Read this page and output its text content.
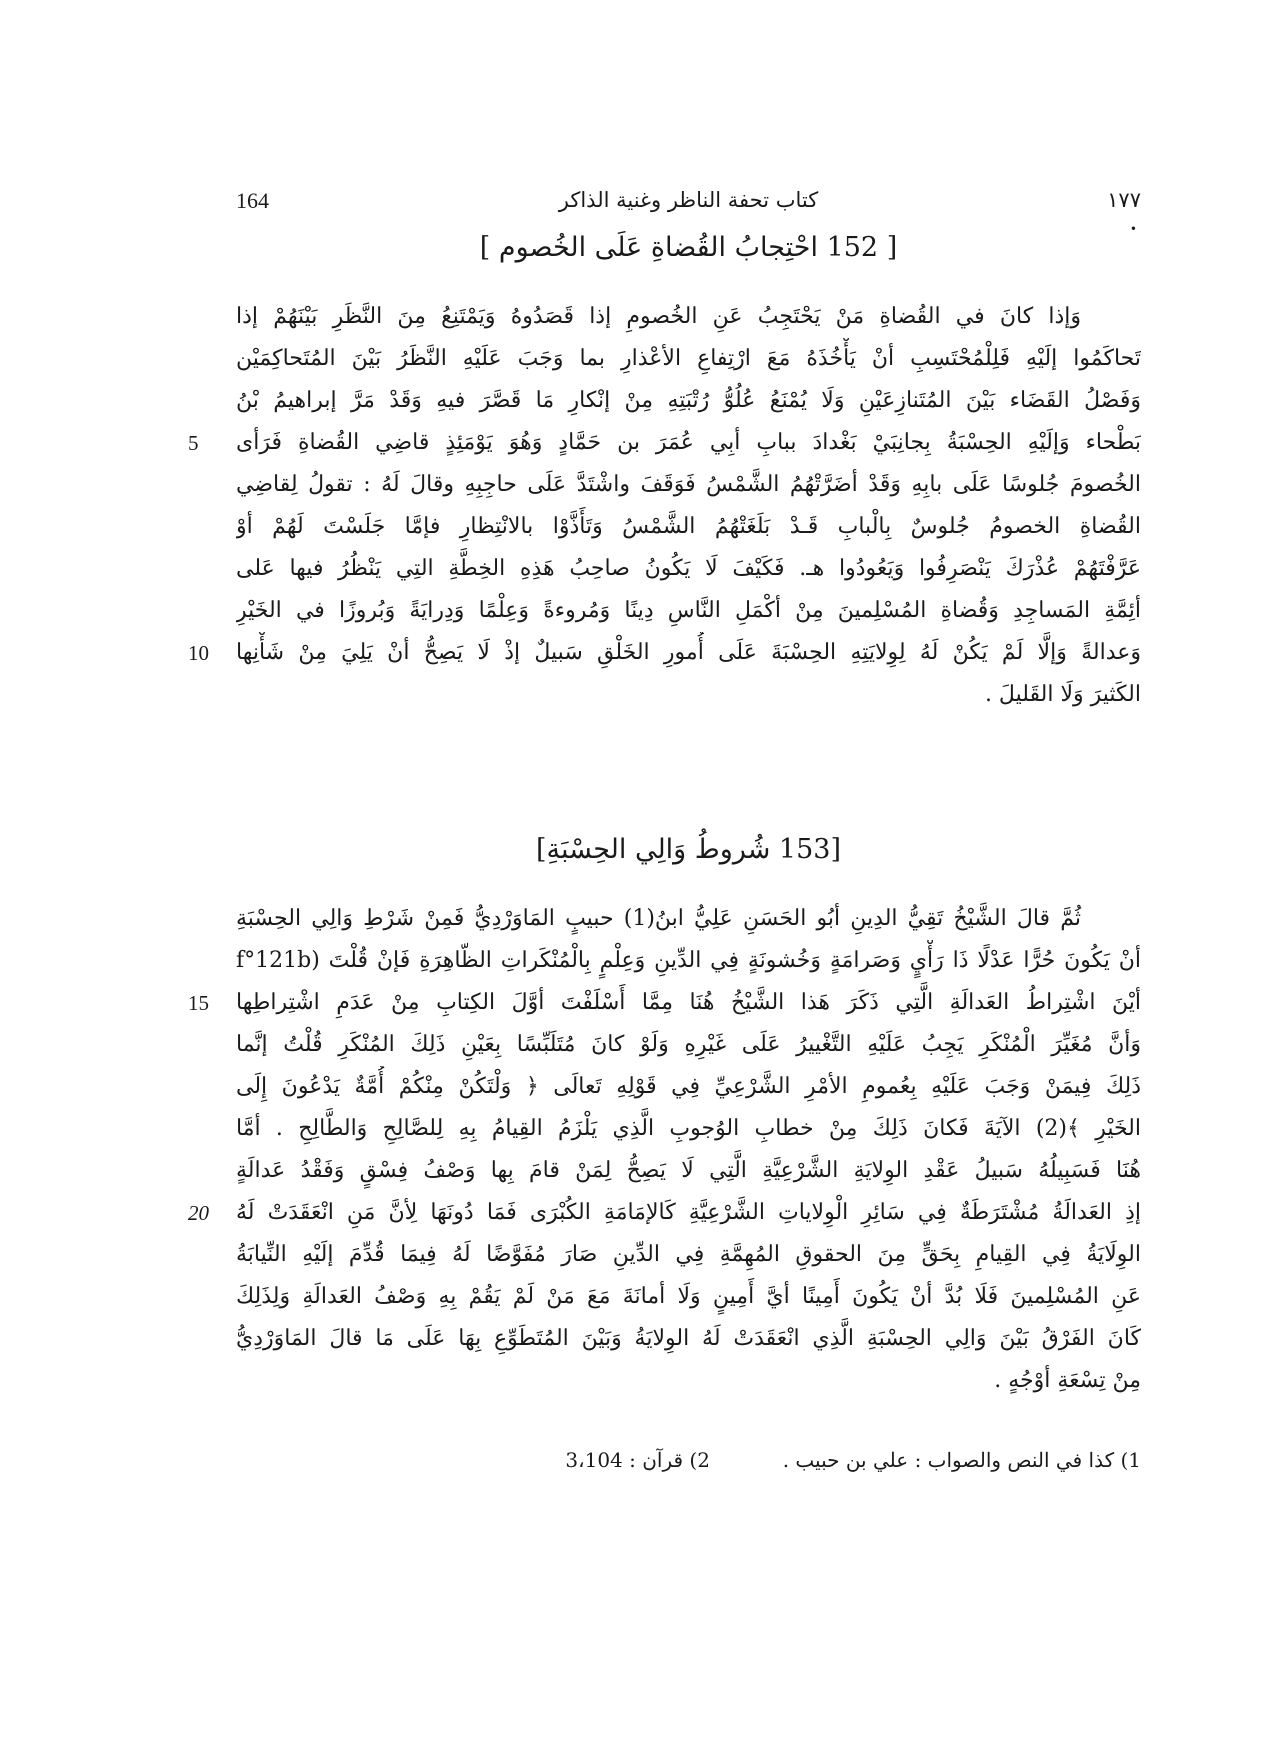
164	كتاب تحفة الناظر وغنية الذاكر	١٧٧
•
[ 152 احْتِجابُ القُضاةِ عَلَى الخُصوم ]
وَإذا كانَ في القُضاةِ مَنْ يَحْتَجِبُ عَنِ الخُصومِ إذا قَصَدُوهُ وَيَمْتَنِعُ مِنَ النَّظَرِ بَيْنَهُمْ إذا
تَحاكَمُوا إلَيْهِ فَلِلْمُحْتَسِبِ أنْ يَأْخُذَهُ مَعَ ارْتِفاعِ الأعْذارِ بما وَجَبَ عَلَيْهِ النَّظَرُ بَيْنَ المُتَحاكِمَيْن
وَفَصْلُ القَضَاء بَيْنَ المُتَنازِعَيْنِ وَلَا يُمْنَعُ عُلُوُّ رُتْبَتِهِ مِنْ إنْكارِ مَا قَصَّرَ فيهِ وَقَدْ مَرَّ إبراهيمُ بْنُ
بَطْحاء وَإلَيْهِ الحِسْبَةُ بِجانِبَيْ بَغْدادَ ببابِ أبِي عُمَرَ بن حَمَّادٍ وَهُوَ يَوْمَئِذٍ قاضِي القُضاةِ فَرَأى
الخُصومَ جُلوسًا عَلَى بابِهِ وَقَدْ أضَرَّتْهُمُ الشَّمْسُ فَوَقَفَ واشْتَدَّ عَلَى حاجِبِهِ وقالَ لَهُ : تقولُ لِقاضِي
القُضاةِ الخصومُ جُلوسٌ بِالْبابِ قَـدْ بَلَغَتْهُمُ الشَّمْسُ وَتَأَذَّوْا بالانْتِظارِ فإمَّا جَلَسْتَ لَهُمْ أوْ
عَرَّفْتَهُمْ عُذْرَكَ يَنْصَرِفُوا وَيَعُودُوا هـ. فَكَيْفَ لَا يَكُونُ صاحِبُ هَذِهِ الخِطَّةِ التِي يَنْظُرُ فيها عَلى
أئِمَّةِ المَساجِدِ وَقُضاةِ المُسْلِمينَ مِنْ أكْمَلِ النَّاسِ دِينًا وَمُروءةً وَعِلْمًا وَدِرايَةً وَبُروزًا في الخَيْرِ
وَعدالةً وَإلَّا لَمْ يَكُنْ لَهُ لِوِلايَتِهِ الحِسْبَةَ عَلَى أُمورِ الخَلْقِ سَبيلٌ إذْ لَا يَصِحُّ أنْ يَلِيَ مِنْ شَأْنِها
الكَثيرَ وَلَا القَليلَ .
5
10
[153 شُروطُ وَالِي الحِسْبَةِ]
ثُمَّ قالَ الشَّيْخُ تَقِيُّ الدِينِ أبُو الحَسَنِ عَلِيُّ ابنُ(1) حبيبٍ المَاوَرْدِيُّ فَمِنْ شَرْطِ وَالِي الحِسْبَةِ
أنْ يَكُونَ حُرًّا عَدْلًا ذَا رَأْيٍ وَصَرامَةٍ وَخُشونَةٍ فِي الدِّينِ وَعِلْمٍ بِالْمُنْكَراتِ الظّاهِرَةِ فَإنْ قُلْتَ (f°121b
أيْنَ اشْتِراطُ العَدالَةِ الَّتِي ذَكَرَ هَذا الشَّيْخُ هُنَا مِمَّا أَسْلَفْتَ أوَّلَ الكِتابِ مِنْ عَدَمِ اشْتِراطِها
وَأنَّ مُغَيِّرَ الْمُنْكَرِ يَجِبُ عَلَيْهِ التَّغْييرُ عَلَى غَيْرِهِ وَلَوْ كانَ مُتَلَبِّسًا بِعَيْنِ ذَلِكَ المُنْكَرِ قُلْتُ إنَّما
ذَلِكَ فِيمَنْ وَجَبَ عَلَيْهِ بِعُمومِ الأمْرِ الشَّرْعِيِّ فِي قَوْلِهِ تَعالَى ﴿ وَلْتَكُنْ مِنْكُمْ أُمَّةٌ يَدْعُونَ إِلَى
الخَيْرِ ﴾(2) الآيَةَ فَكانَ ذَلِكَ مِنْ خطابِ الوُجوبِ الَّذِي يَلْزَمُ القِيامُ بِهِ لِلصَّالِحِ وَالطَّالِحِ . أمَّا
هُنَا فَسَبِيلُهُ سَبيلُ عَقْدِ الوِلايَةِ الشَّرْعِيَّةِ الَّتِي لَا يَصِحُّ لِمَنْ قامَ بِها وَصْفُ فِسْقٍ وَفَقْدُ عَدالَةٍ
إذِ العَدالَةُ مُشْتَرَطَةٌ فِي سَائِرِ الْوِلاياتِ الشَّرْعِيَّةِ كَالإمَامَةِ الكُبْرَى فَمَا دُونَهَا لِأنَّ مَنِ انْعَقَدَتْ لَهُ
الوِلَايَةُ فِي القِيامِ بِحَقٍّ مِنَ الحقوقِ المُهِمَّةِ فِي الدِّينِ صَارَ مُفَوَّضًا لَهُ فِيمَا قُدِّمَ إلَيْهِ النِّيابَةُ
عَنِ المُسْلِمينَ فَلَا بُدَّ أنْ يَكُونَ أَمِينًا أيَّ أَمِينٍ وَلَا أمانَةَ مَعَ مَنْ لَمْ يَقُمْ بِهِ وَصْفُ العَدالَةِ وَلِذَلِكَ
كَانَ الفَرْقُ بَيْنَ وَالِي الحِسْبَةِ الَّذِي انْعَقَدَتْ لَهُ الوِلايَةُ وَبَيْنَ المُتَطَوِّعِ بِهَا عَلَى مَا قالَ المَاوَرْدِيُّ
مِنْ تِسْعَةِ أوْجُهٍ .
15
20
1) كذا في النص والصواب : علي بن حبيب .  2) قرآن : 3،104
